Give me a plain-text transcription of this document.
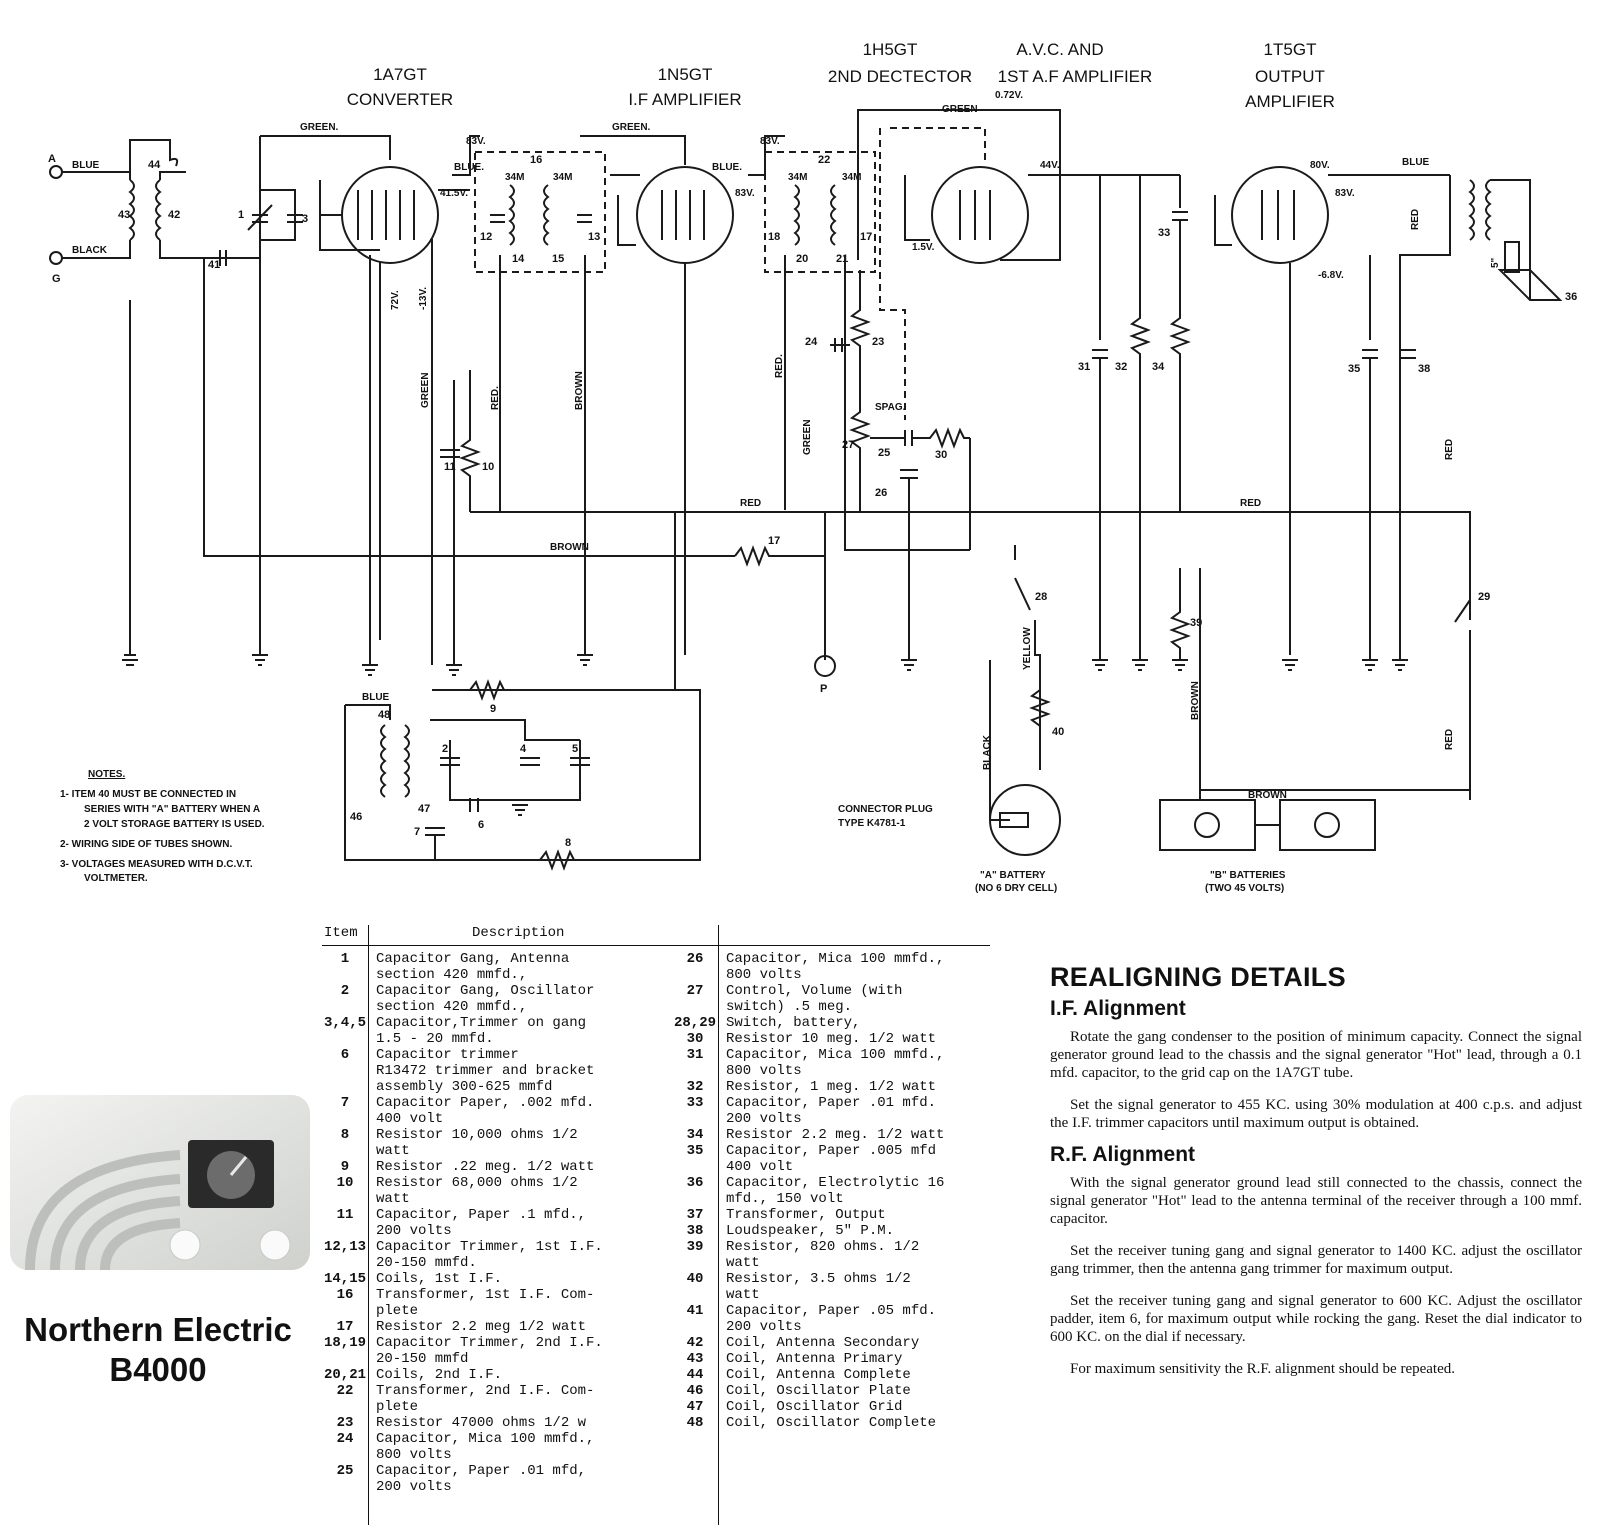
1A7GT
CONVERTER
1N5GT
I.F AMPLIFIER
1H5GT
2ND DECTECTOR
A.V.C. AND
1ST A.F AMPLIFIER
1T5GT
OUTPUT
AMPLIFIER
A
G
BLUE
BLACK
43	42
44
41
1	3
GREEN.
41.5V.
72V. -13V.
GREEN
BLUE.
83V.
16
34M	34M
12	13
14	15
RED.	BROWN
GREEN.
BLUE.
83V.
83V.
22
34M	34M
18	17
20	21
RED.
GREEN
GREEN
0.72V.
44V.
1.5V.
23
27
24
25	30
SPAG.
26
31 32
33
34
80V.
83V.
-6.8V.
BLUE
RED
5"
36
35	38
RED
RED	RED
BROWN
17
P
29
RED
39
BROWN
BLUE
48
46
47
9
2	4	5
6
7
8
11 10
28
YELLOW
40
BLACK
CONNECTOR PLUG
TYPE K4781-1
"A" BATTERY
(NO 6 DRY CELL)
BROWN
"B" BATTERIES
(TWO 45 VOLTS)
NOTES.
1- ITEM 40 MUST BE CONNECTED IN
SERIES WITH "A" BATTERY WHEN A
2 VOLT STORAGE BATTERY IS USED.
2- WIRING SIDE OF TUBES SHOWN.
3- VOLTAGES MEASURED WITH D.C.V.T.
VOLTMETER.
Item	Description
1	Capacitor Gang, Antenna
section 420 mmfd.,
2	Capacitor Gang, Oscillator
section 420 mmfd.,
3,4,5 Capacitor,Trimmer on gang
1.5 - 20 mmfd.
6	Capacitor trimmer
R13472 trimmer and bracket
assembly 300-625 mmfd
7	Capacitor Paper, .002 mfd.
400 volt
8	Resistor 10,000 ohms 1/2
watt
9	Resistor .22 meg. 1/2 watt
10	Resistor 68,000 ohms 1/2
watt
11	Capacitor, Paper .1 mfd.,
200 volts
12,13 Capacitor Trimmer, 1st I.F.
20-150 mmfd.
14,15 Coils, 1st I.F.
16	Transformer, 1st I.F. Com-
plete
17	Resistor 2.2 meg 1/2 watt
18,19 Capacitor Trimmer, 2nd I.F.
20-150 mmfd
20,21 Coils, 2nd I.F.
22	Transformer, 2nd I.F. Com-
plete
23	Resistor 47000 ohms 1/2 w
24	Capacitor, Mica 100 mmfd.,
800 volts
25	Capacitor, Paper .01 mfd,
200 volts
26	Capacitor, Mica 100 mmfd.,
800 volts
27	Control, Volume (with
switch) .5 meg.
28,29 Switch, battery,
30	Resistor 10 meg. 1/2 watt
31	Capacitor, Mica 100 mmfd.,
800 volts
32	Resistor, 1 meg. 1/2 watt
33	Capacitor, Paper .01 mfd.
200 volts
34	Resistor 2.2 meg. 1/2 watt
35	Capacitor, Paper .005 mfd
400 volt
36	Capacitor, Electrolytic 16
mfd., 150 volt
37	Transformer, Output
38	Loudspeaker, 5" P.M.
39	Resistor, 820 ohms. 1/2
watt
40	Resistor, 3.5 ohms 1/2
watt
41	Capacitor, Paper .05 mfd.
200 volts
42	Coil, Antenna Secondary
43	Coil, Antenna Primary
44	Coil, Antenna Complete
46	Coil, Oscillator Plate
47	Coil, Oscillator Grid
48	Coil, Oscillator Complete
REALIGNING DETAILS
I.F. Alignment

Rotate the gang condenser to the position of minimum capacity. Connect the signal generator ground lead to the chassis and the signal generator "Hot" lead, through a 0.1 mfd. capacitor, to the grid cap on the 1A7GT tube.

Set the signal generator to 455 KC. using 30% modulation at 400 c.p.s. and adjust the I.F. trimmer capacitors until maximum output is obtained.

R.F. Alignment

With the signal generator ground lead still connected to the chassis, connect the signal generator "Hot" lead to the antenna terminal of the receiver through a 100 mmf. capacitor.

Set the receiver tuning gang and signal generator to 1400 KC. adjust the oscillator gang trimmer, then the antenna gang trimmer for maximum output.

Set the receiver tuning gang and signal generator to 600 KC. Adjust the oscillator padder, item 6, for maximum output while rocking the gang. Reset the dial indicator to 600 KC. on the dial if necessary.

For maximum sensitivity the R.F. alignment should be repeated.

Northern Electric
B4000
